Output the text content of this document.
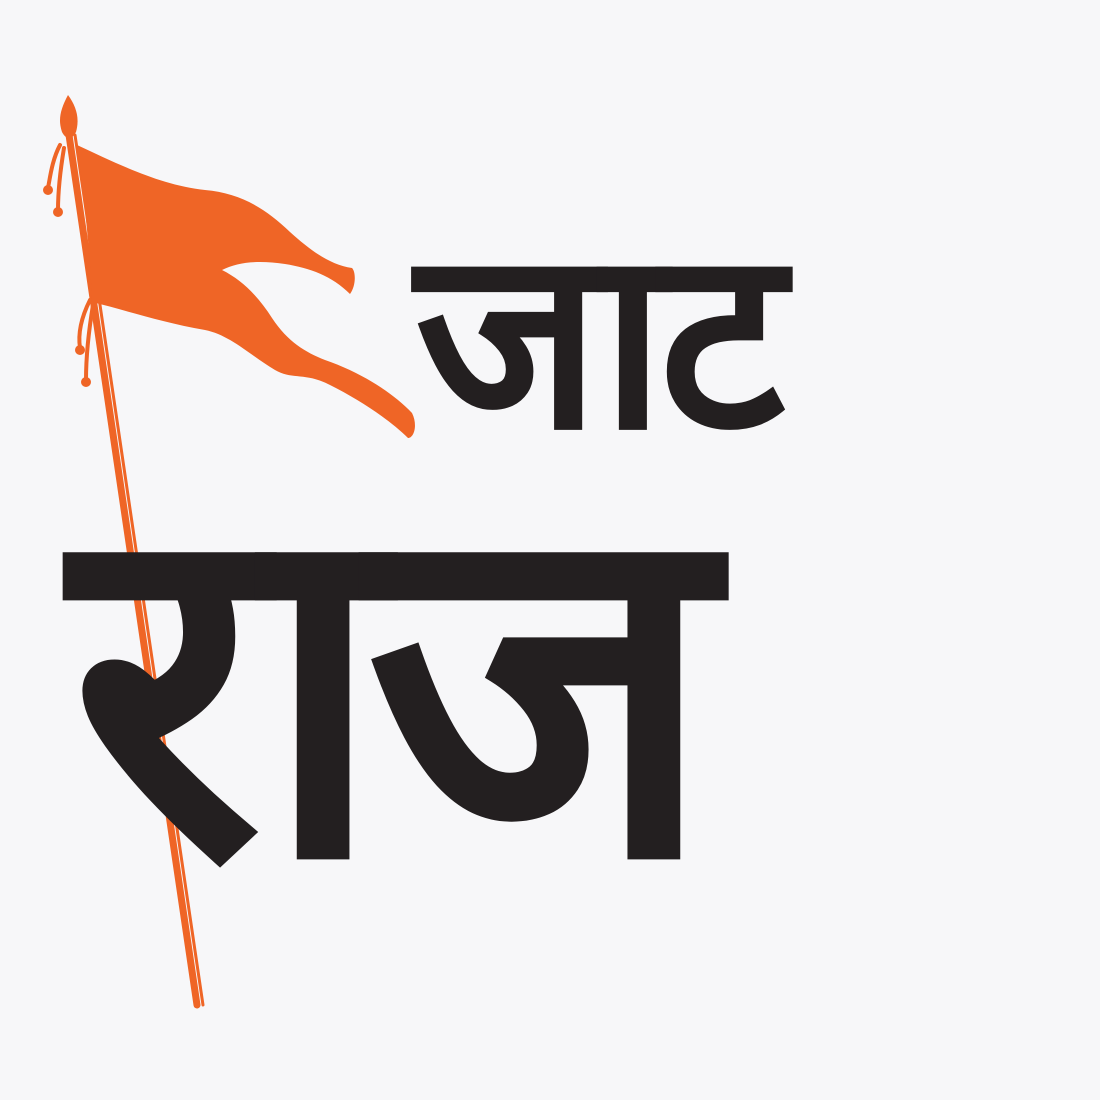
जाट
राज
